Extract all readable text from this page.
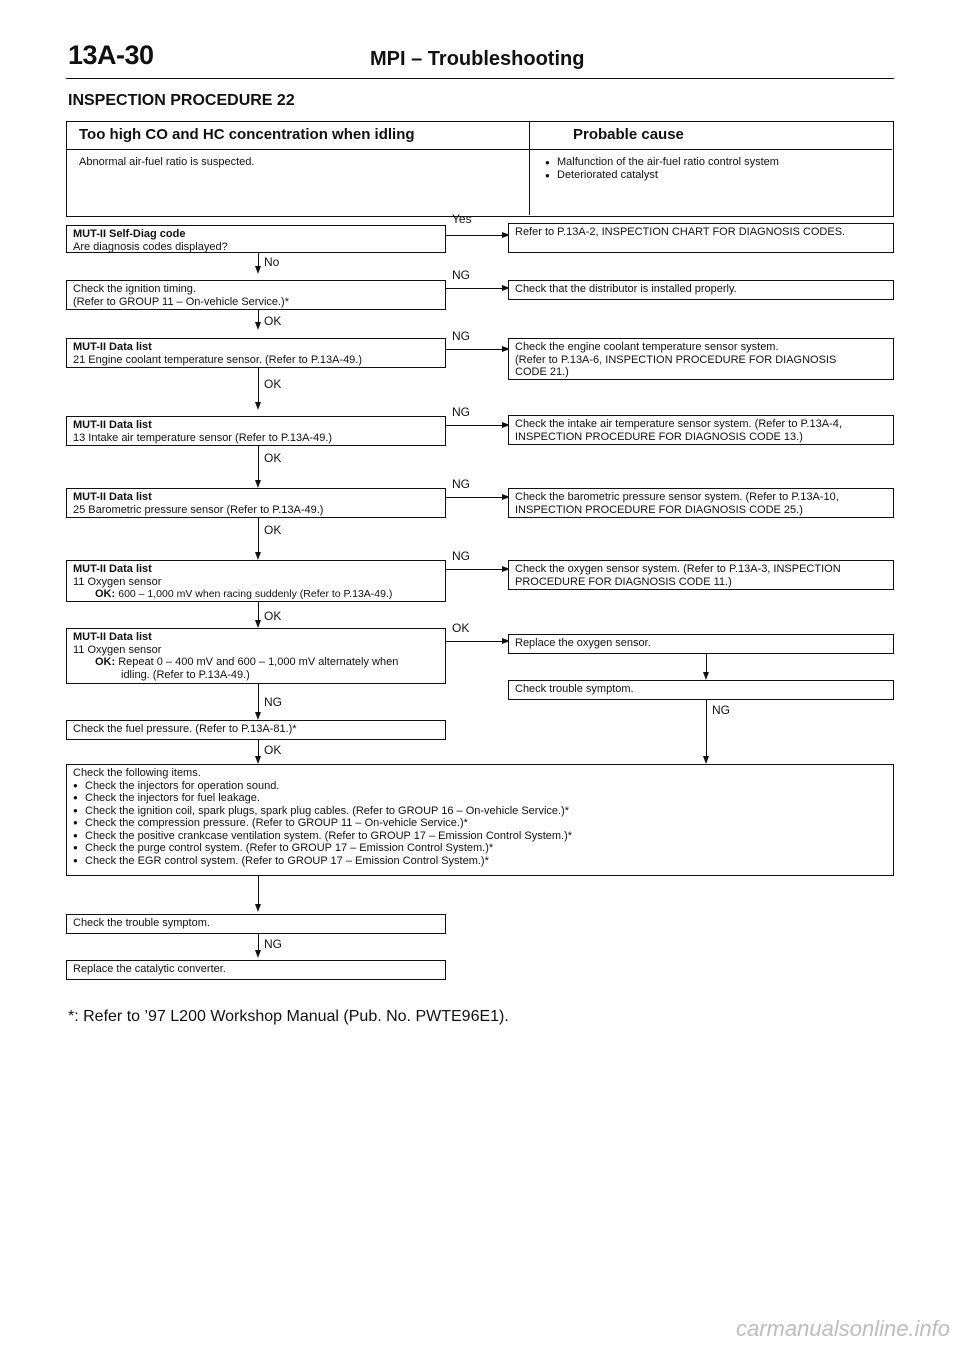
13A-30	MPI – Troubleshooting
INSPECTION PROCEDURE 22
Too high CO and HC concentration when idling	Probable cause
Abnormal air-fuel ratio is suspected.
●	Malfunction of the air-fuel ratio control system
● Deteriorated catalyst
MUT-II Self-Diag code
Are diagnosis codes displayed?
Yes
Refer to P.13A-2, INSPECTION CHART FOR DIAGNOSIS CODES.
No
Check the ignition timing.
(Refer to GROUP 11 – On-vehicle Service.)*
NG
Check that the distributor is installed properly.
OK
MUT-II Data list
21 Engine coolant temperature sensor. (Refer to P.13A-49.)
NG
Check the engine coolant temperature sensor system.
(Refer to P.13A-6, INSPECTION PROCEDURE FOR DIAGNOSIS
CODE 21.)
OK
MUT-II Data list
13 Intake air temperature sensor (Refer to P.13A-49.)
NG
Check the intake air temperature sensor system. (Refer to P.13A-4,
INSPECTION PROCEDURE FOR DIAGNOSIS CODE 13.)
OK
MUT-II Data list
25 Barometric pressure sensor (Refer to P.13A-49.)
NG
Check the barometric pressure sensor system. (Refer to P.13A-10,
INSPECTION PROCEDURE FOR DIAGNOSIS CODE 25.)
OK
MUT-II Data list
11 Oxygen sensor
OK: 600 – 1,000 mV when racing suddenly (Refer to P.13A-49.)
NG
Check the oxygen sensor system. (Refer to P.13A-3, INSPECTION
PROCEDURE FOR DIAGNOSIS CODE 11.)
OK
MUT-II Data list
11 Oxygen sensor
OK: Repeat 0 – 400 mV and 600 – 1,000 mV alternately when
idling. (Refer to P.13A-49.)
OK
Replace the oxygen sensor.
Check trouble symptom.
NG
NG
Check the fuel pressure. (Refer to P.13A-81.)*
OK
Check the following items.
● Check the injectors for operation sound.
● Check the injectors for fuel leakage.
● Check the ignition coil, spark plugs, spark plug cables. (Refer to GROUP 16 – On-vehicle Service.)*
● Check the compression pressure. (Refer to GROUP 11 – On-vehicle Service.)*
● Check the positive crankcase ventilation system. (Refer to GROUP 17 – Emission Control System.)*
● Check the purge control system. (Refer to GROUP 17 – Emission Control System.)*
● Check the EGR control system. (Refer to GROUP 17 – Emission Control System.)*
Check the trouble symptom.
NG
Replace the catalytic converter.
*: Refer to ’97 L200 Workshop Manual (Pub. No. PWTE96E1).
carmanualsonline.info
